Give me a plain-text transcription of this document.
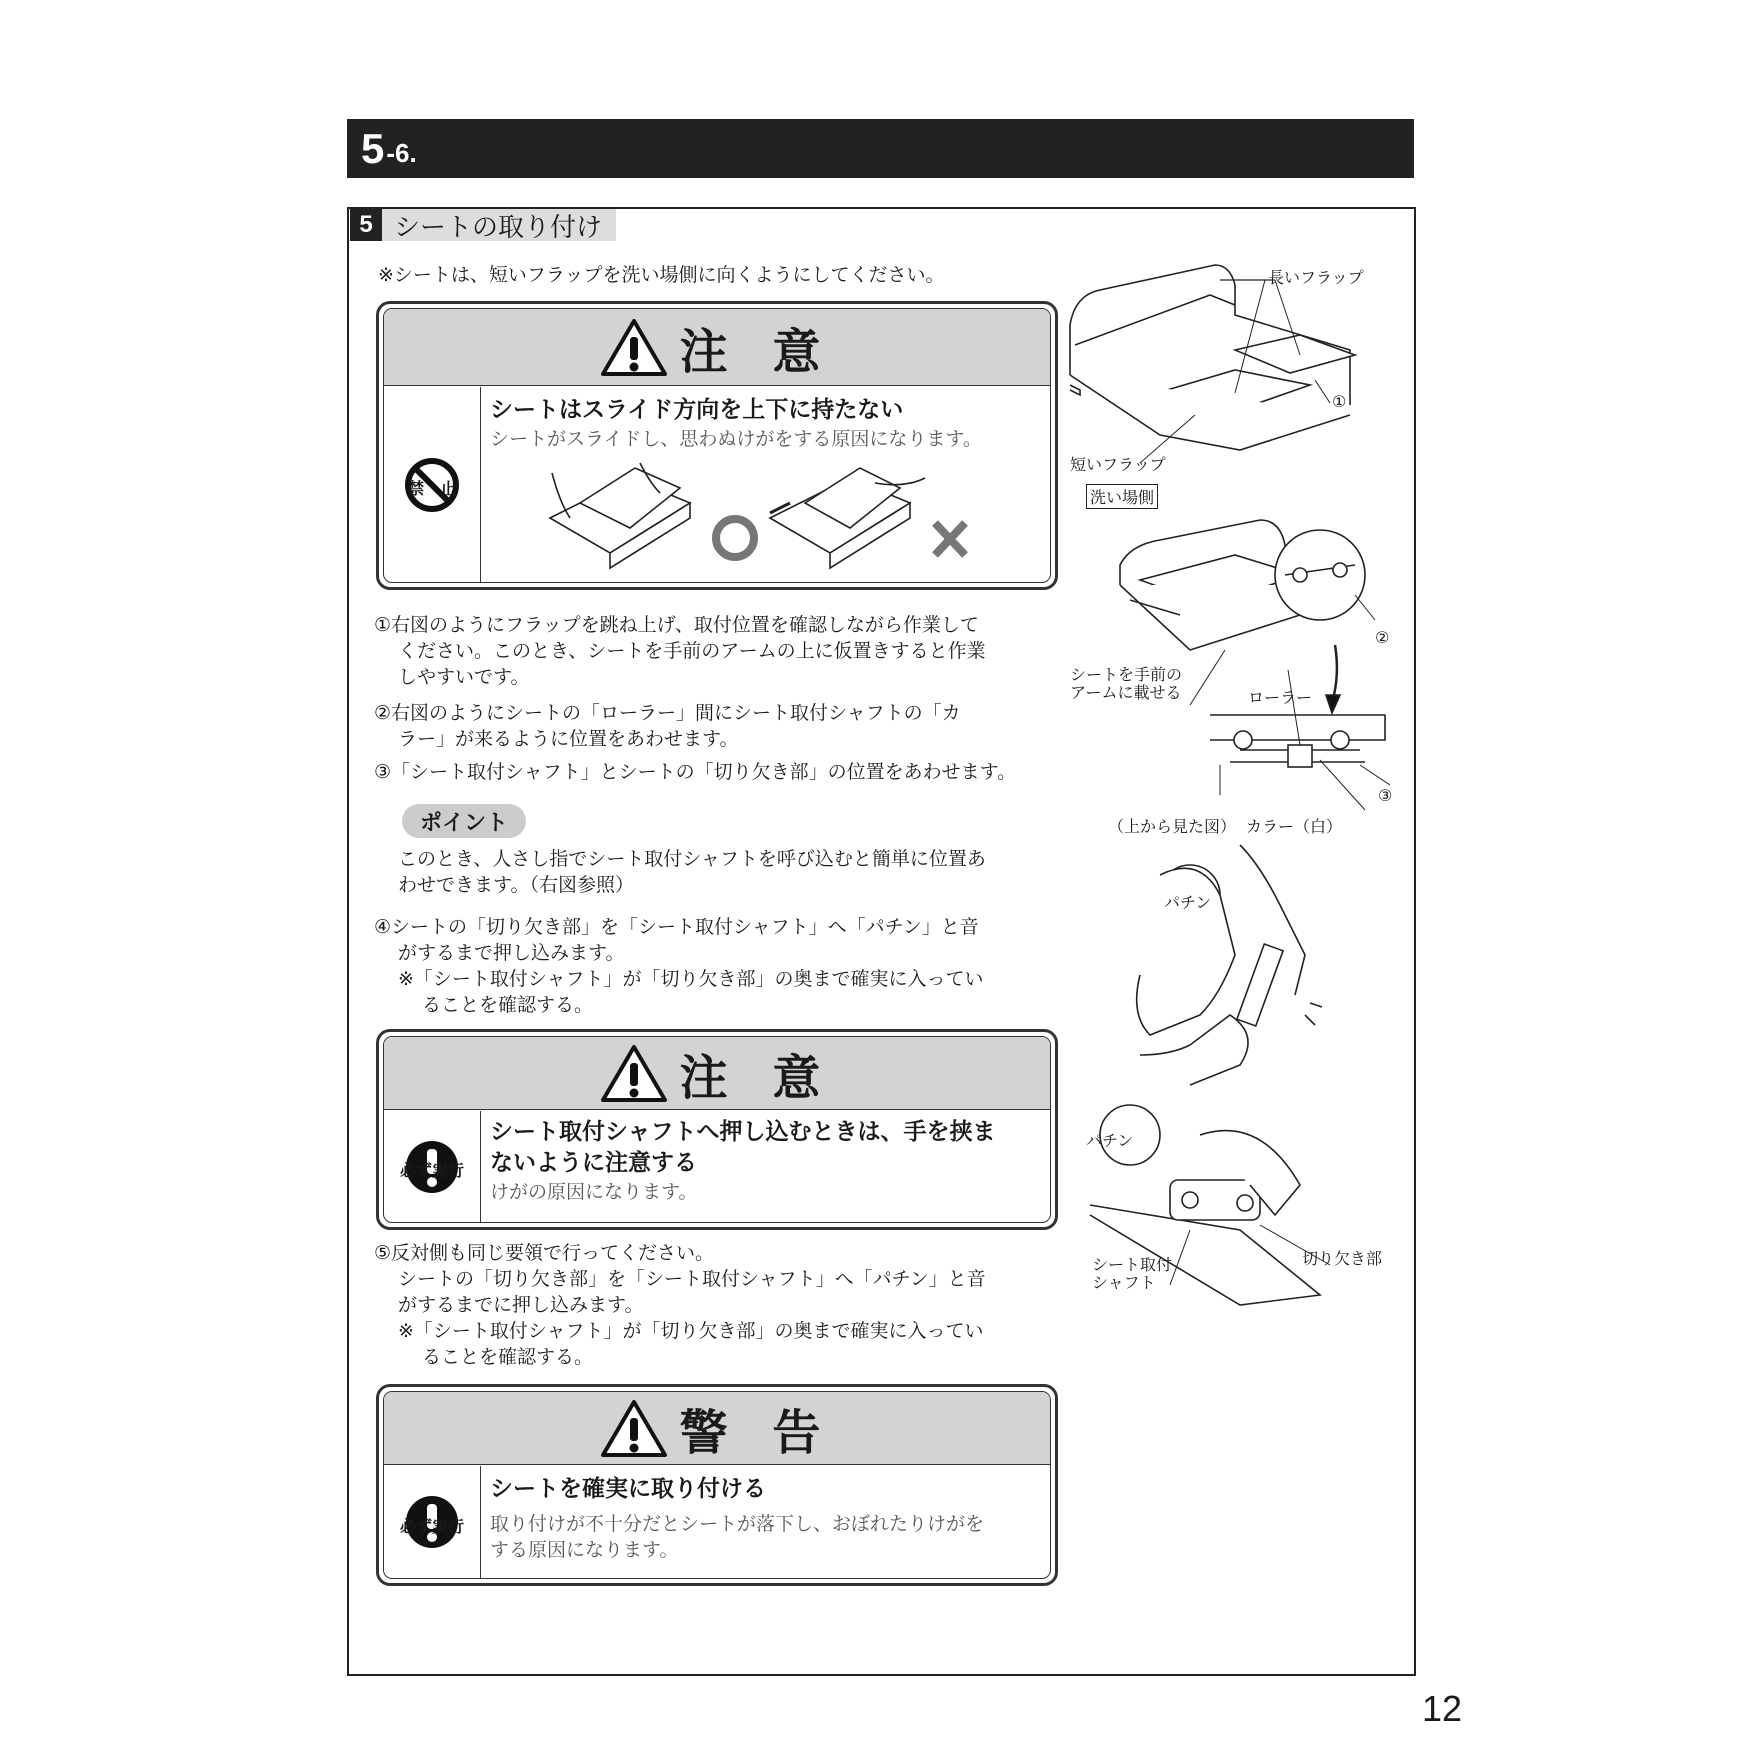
5 -6.
5 シートの取り付け
※シートは、短いフラップを洗い場側に向くようにしてください。
注 意
禁　止
シートはスライド方向を上下に持たない
シートがスライドし、思わぬけがをする原因になります。
①右図のようにフラップを跳ね上げ、取付位置を確認しながら作業して
ください。このとき、シートを手前のアームの上に仮置きすると作業
しやすいです。
②右図のようにシートの「ローラー」間にシート取付シャフトの「カ
ラー」が来るように位置をあわせます。
③「シート取付シャフト」とシートの「切り欠き部」の位置をあわせます。
ポイント
このとき、人さし指でシート取付シャフトを呼び込むと簡単に位置あ
わせできます。（右図参照）
④シートの「切り欠き部」を「シート取付シャフト」へ「パチン」と音
がするまで押し込みます。
※「シート取付シャフト」が「切り欠き部」の奥まで確実に入ってい
ることを確認する。
注 意
必ず実行
シート取付シャフトへ押し込むときは、手を挟ま
ないように注意する
けがの原因になります。
⑤反対側も同じ要領で行ってください。
シートの「切り欠き部」を「シート取付シャフト」へ「パチン」と音
がするまでに押し込みます。
※「シート取付シャフト」が「切り欠き部」の奥まで確実に入ってい
ることを確認する。
警 告
必ず実行
シートを確実に取り付ける
取り付けが不十分だとシートが落下し、おぼれたりけがを
する原因になります。
長いフラップ
①
短いフラップ
洗い場側
②
シートを手前の
アームに載せる	ローラー
③
（上から見た図） カラー（白）
パチン
パチン
切り欠き部
シート取付
シャフト
12
